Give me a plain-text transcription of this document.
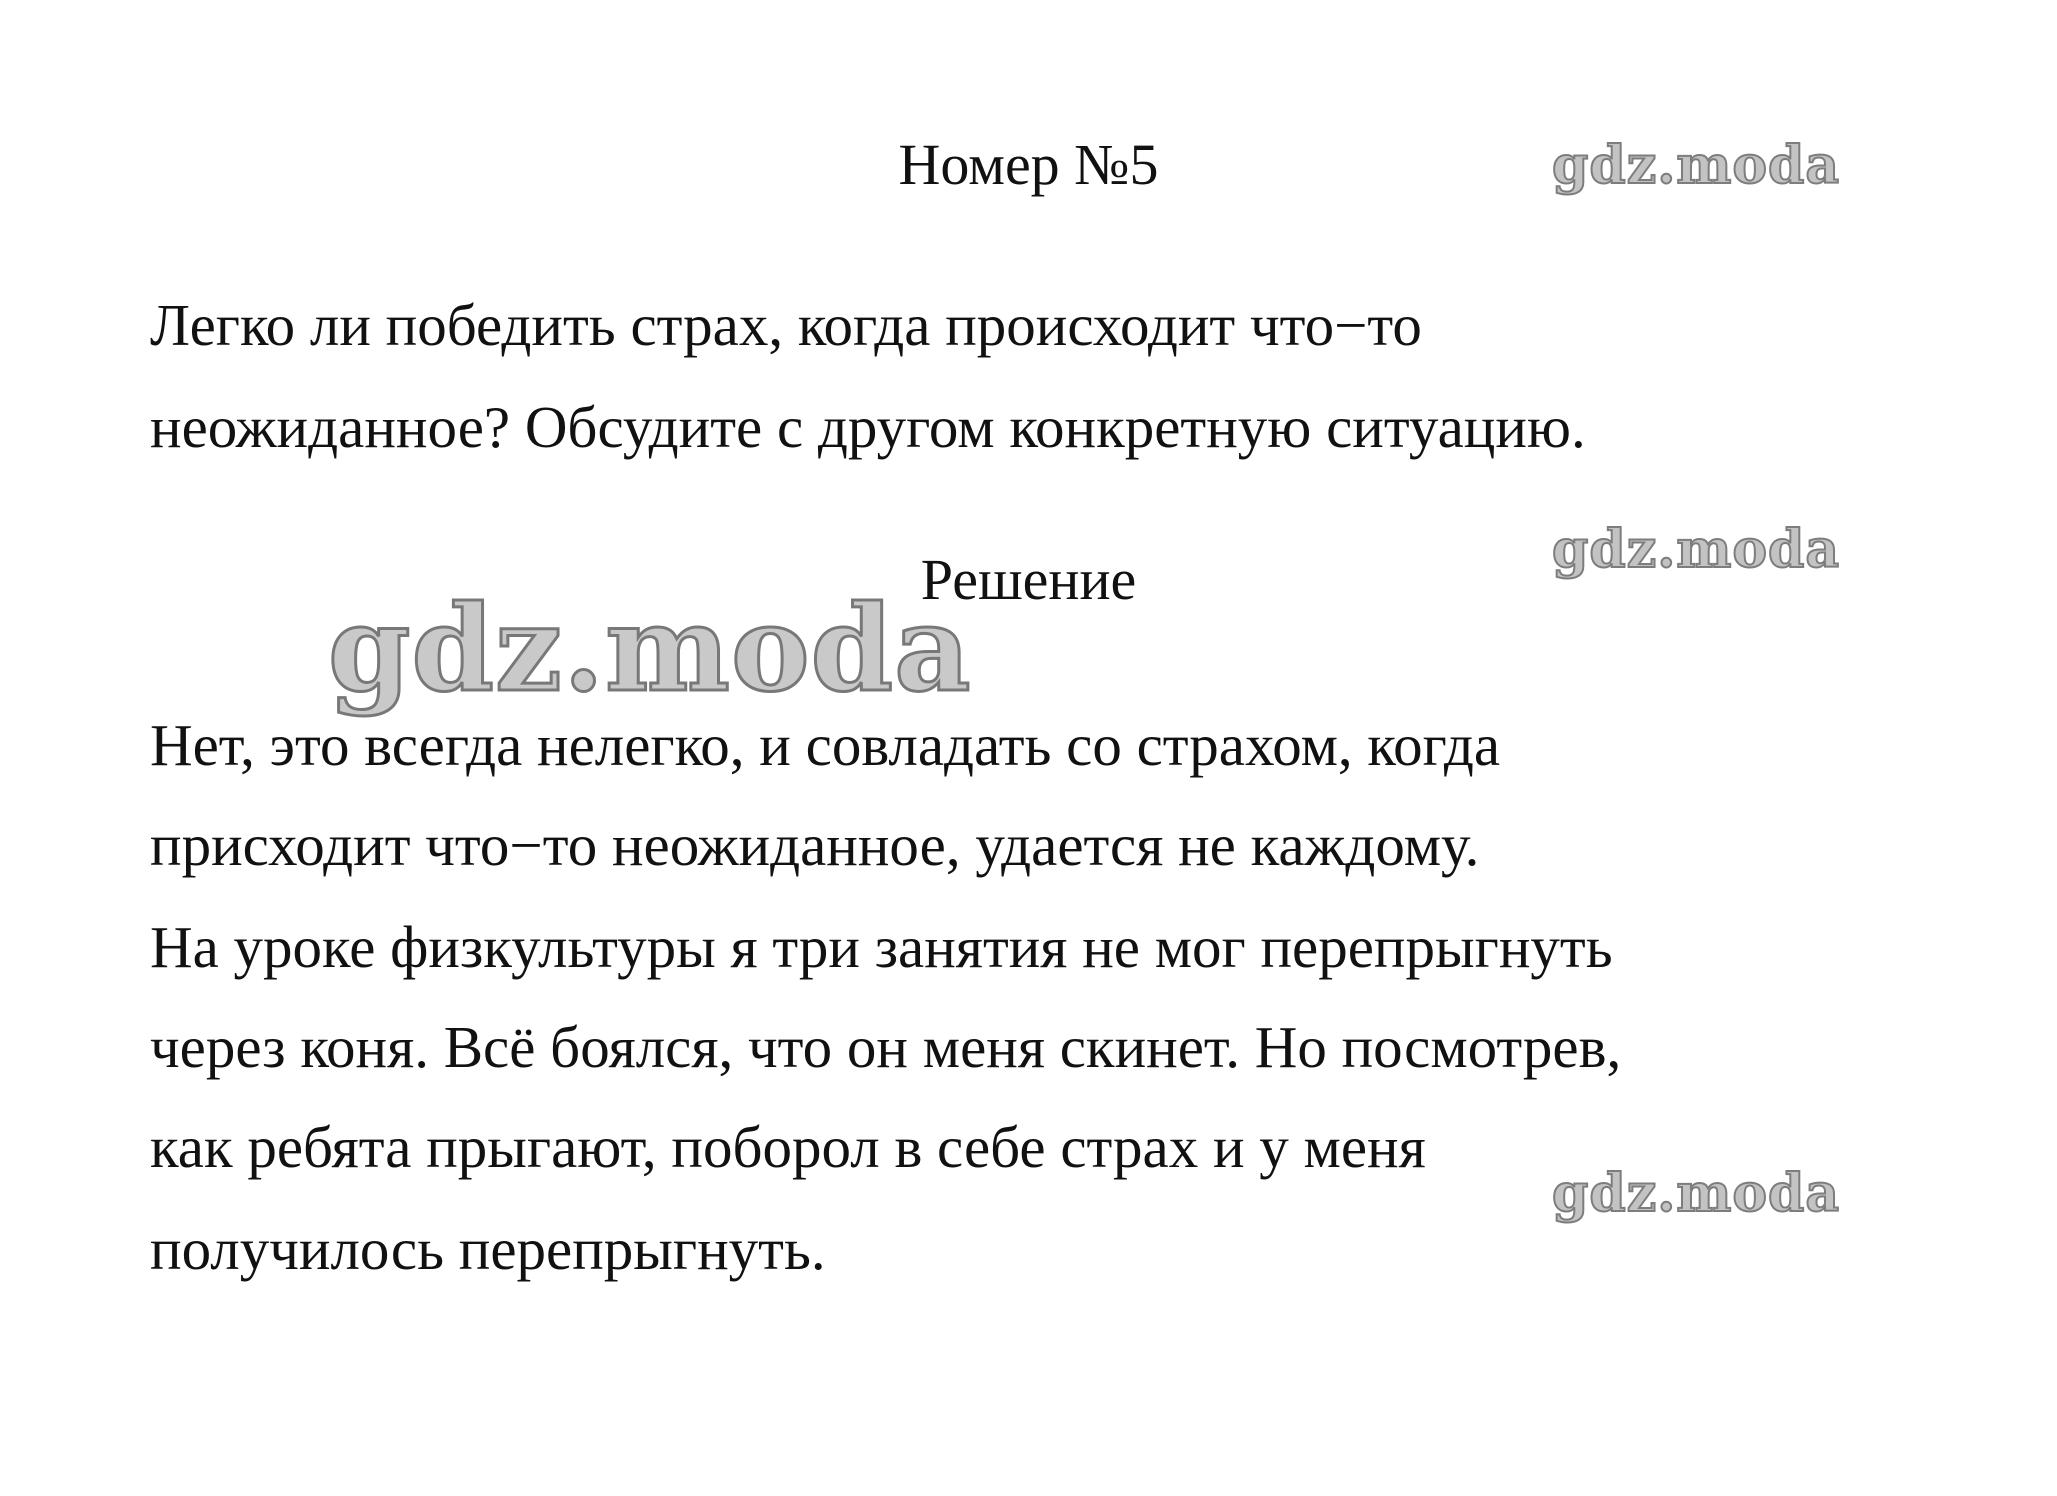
Номер №5
Легко ли победить страх, когда происходит что−то
неожиданное? Обсудите с другом конкретную ситуацию.
Решение
Нет, это всегда нелегко, и совладать со страхом, когда
присходит что−то неожиданное, удается не каждому.
На уроке физкультуры я три занятия не мог перепрыгнуть
через коня. Всё боялся, что он меня скинет. Но посмотрев,
как ребята прыгают, поборол в себе страх и у меня
получилось перепрыгнуть.
gdz.moda
gdz.moda
gdz.moda
gdz.moda
